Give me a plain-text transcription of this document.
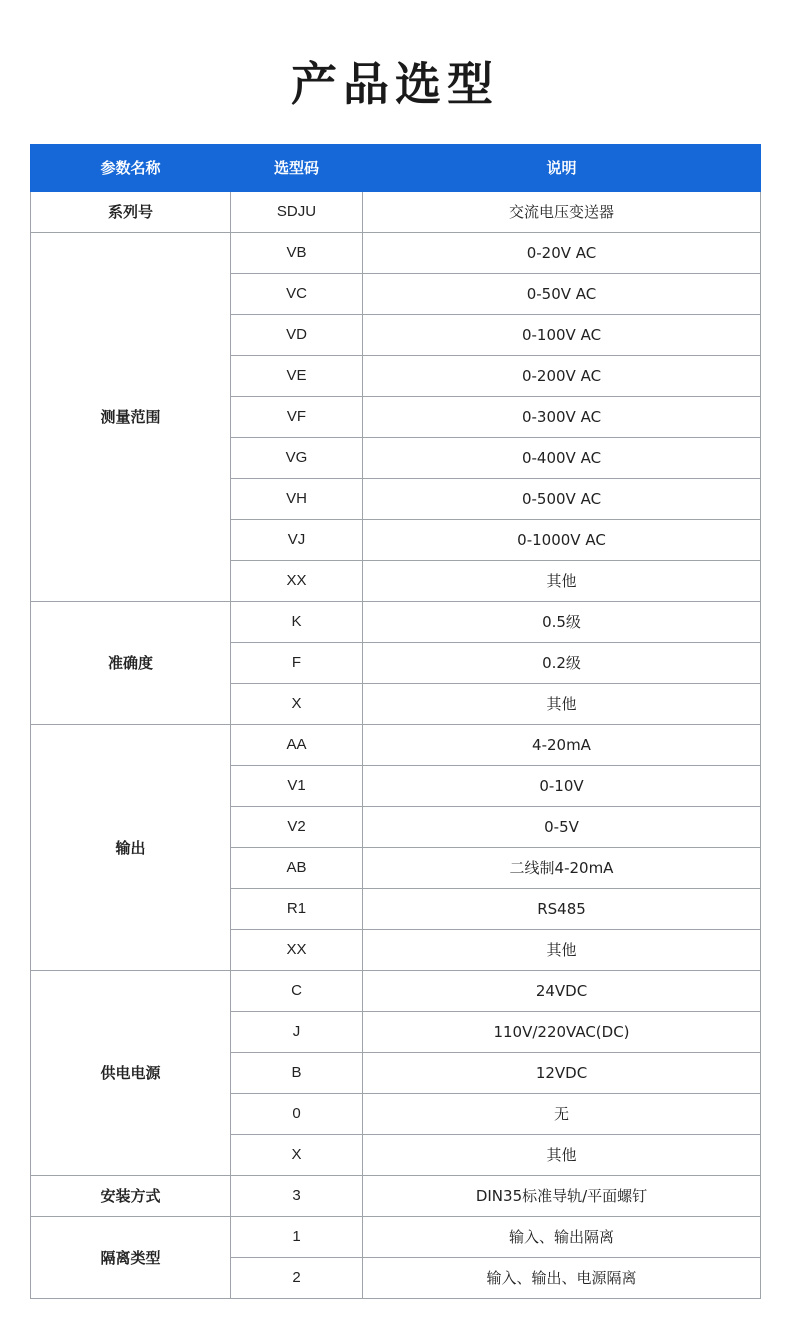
产品选型
参数名称	选型码	说明
系列号	SDJU	交流电压变送器
测量范围	VB	0-20V AC
	VC	0-50V AC
	VD	0-100V AC
	VE	0-200V AC
	VF	0-300V AC
	VG	0-400V AC
	VH	0-500V AC
	VJ	0-1000V AC
	XX	其他
准确度	K	0.5级
	F	0.2级
	X	其他
输出	AA	4-20mA
	V1	0-10V
	V2	0-5V
	AB	二线制4-20mA
	R1	RS485
	XX	其他
供电电源	C	24VDC
	J	110V/220VAC(DC)
	B	12VDC
	0	无
	X	其他
安装方式	3	DIN35标准导轨/平面螺钉
隔离类型	1	输入、输出隔离
	2	输入、输出、电源隔离
